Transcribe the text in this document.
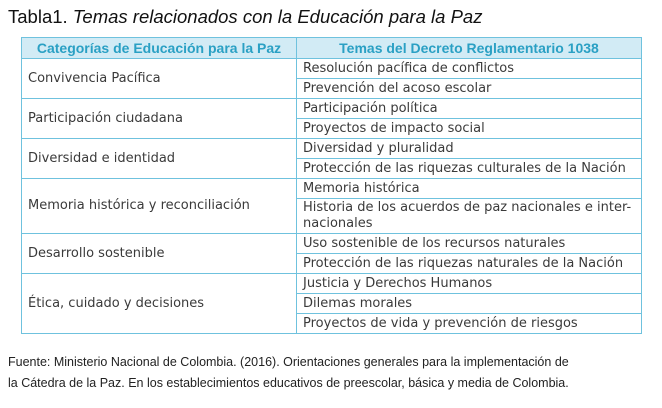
Tabla1. Temas relacionados con la Educación para la Paz
Categorías de Educación para la Paz	Temas del Decreto Reglamentario 1038
Convivencia Pacífica	Resolución pacífica de conflictos
	Prevención del acoso escolar
Participación ciudadana	Participación política
	Proyectos de impacto social
Diversidad e identidad	Diversidad y pluralidad
	Protección de las riquezas culturales de la Nación
Memoria histórica y reconciliación	Memoria histórica
	Historia de los acuerdos de paz nacionales e inter-
nacionales
Desarrollo sostenible	Uso sostenible de los recursos naturales
	Protección de las riquezas naturales de la Nación
Ética, cuidado y decisiones	Justicia y Derechos Humanos
	Dilemas morales
	Proyectos de vida y prevención de riesgos
Fuente: Ministerio Nacional de Colombia. (2016). Orientaciones generales para la implementación de
la Cátedra de la Paz. En los establecimientos educativos de preescolar, básica y media de Colombia.
